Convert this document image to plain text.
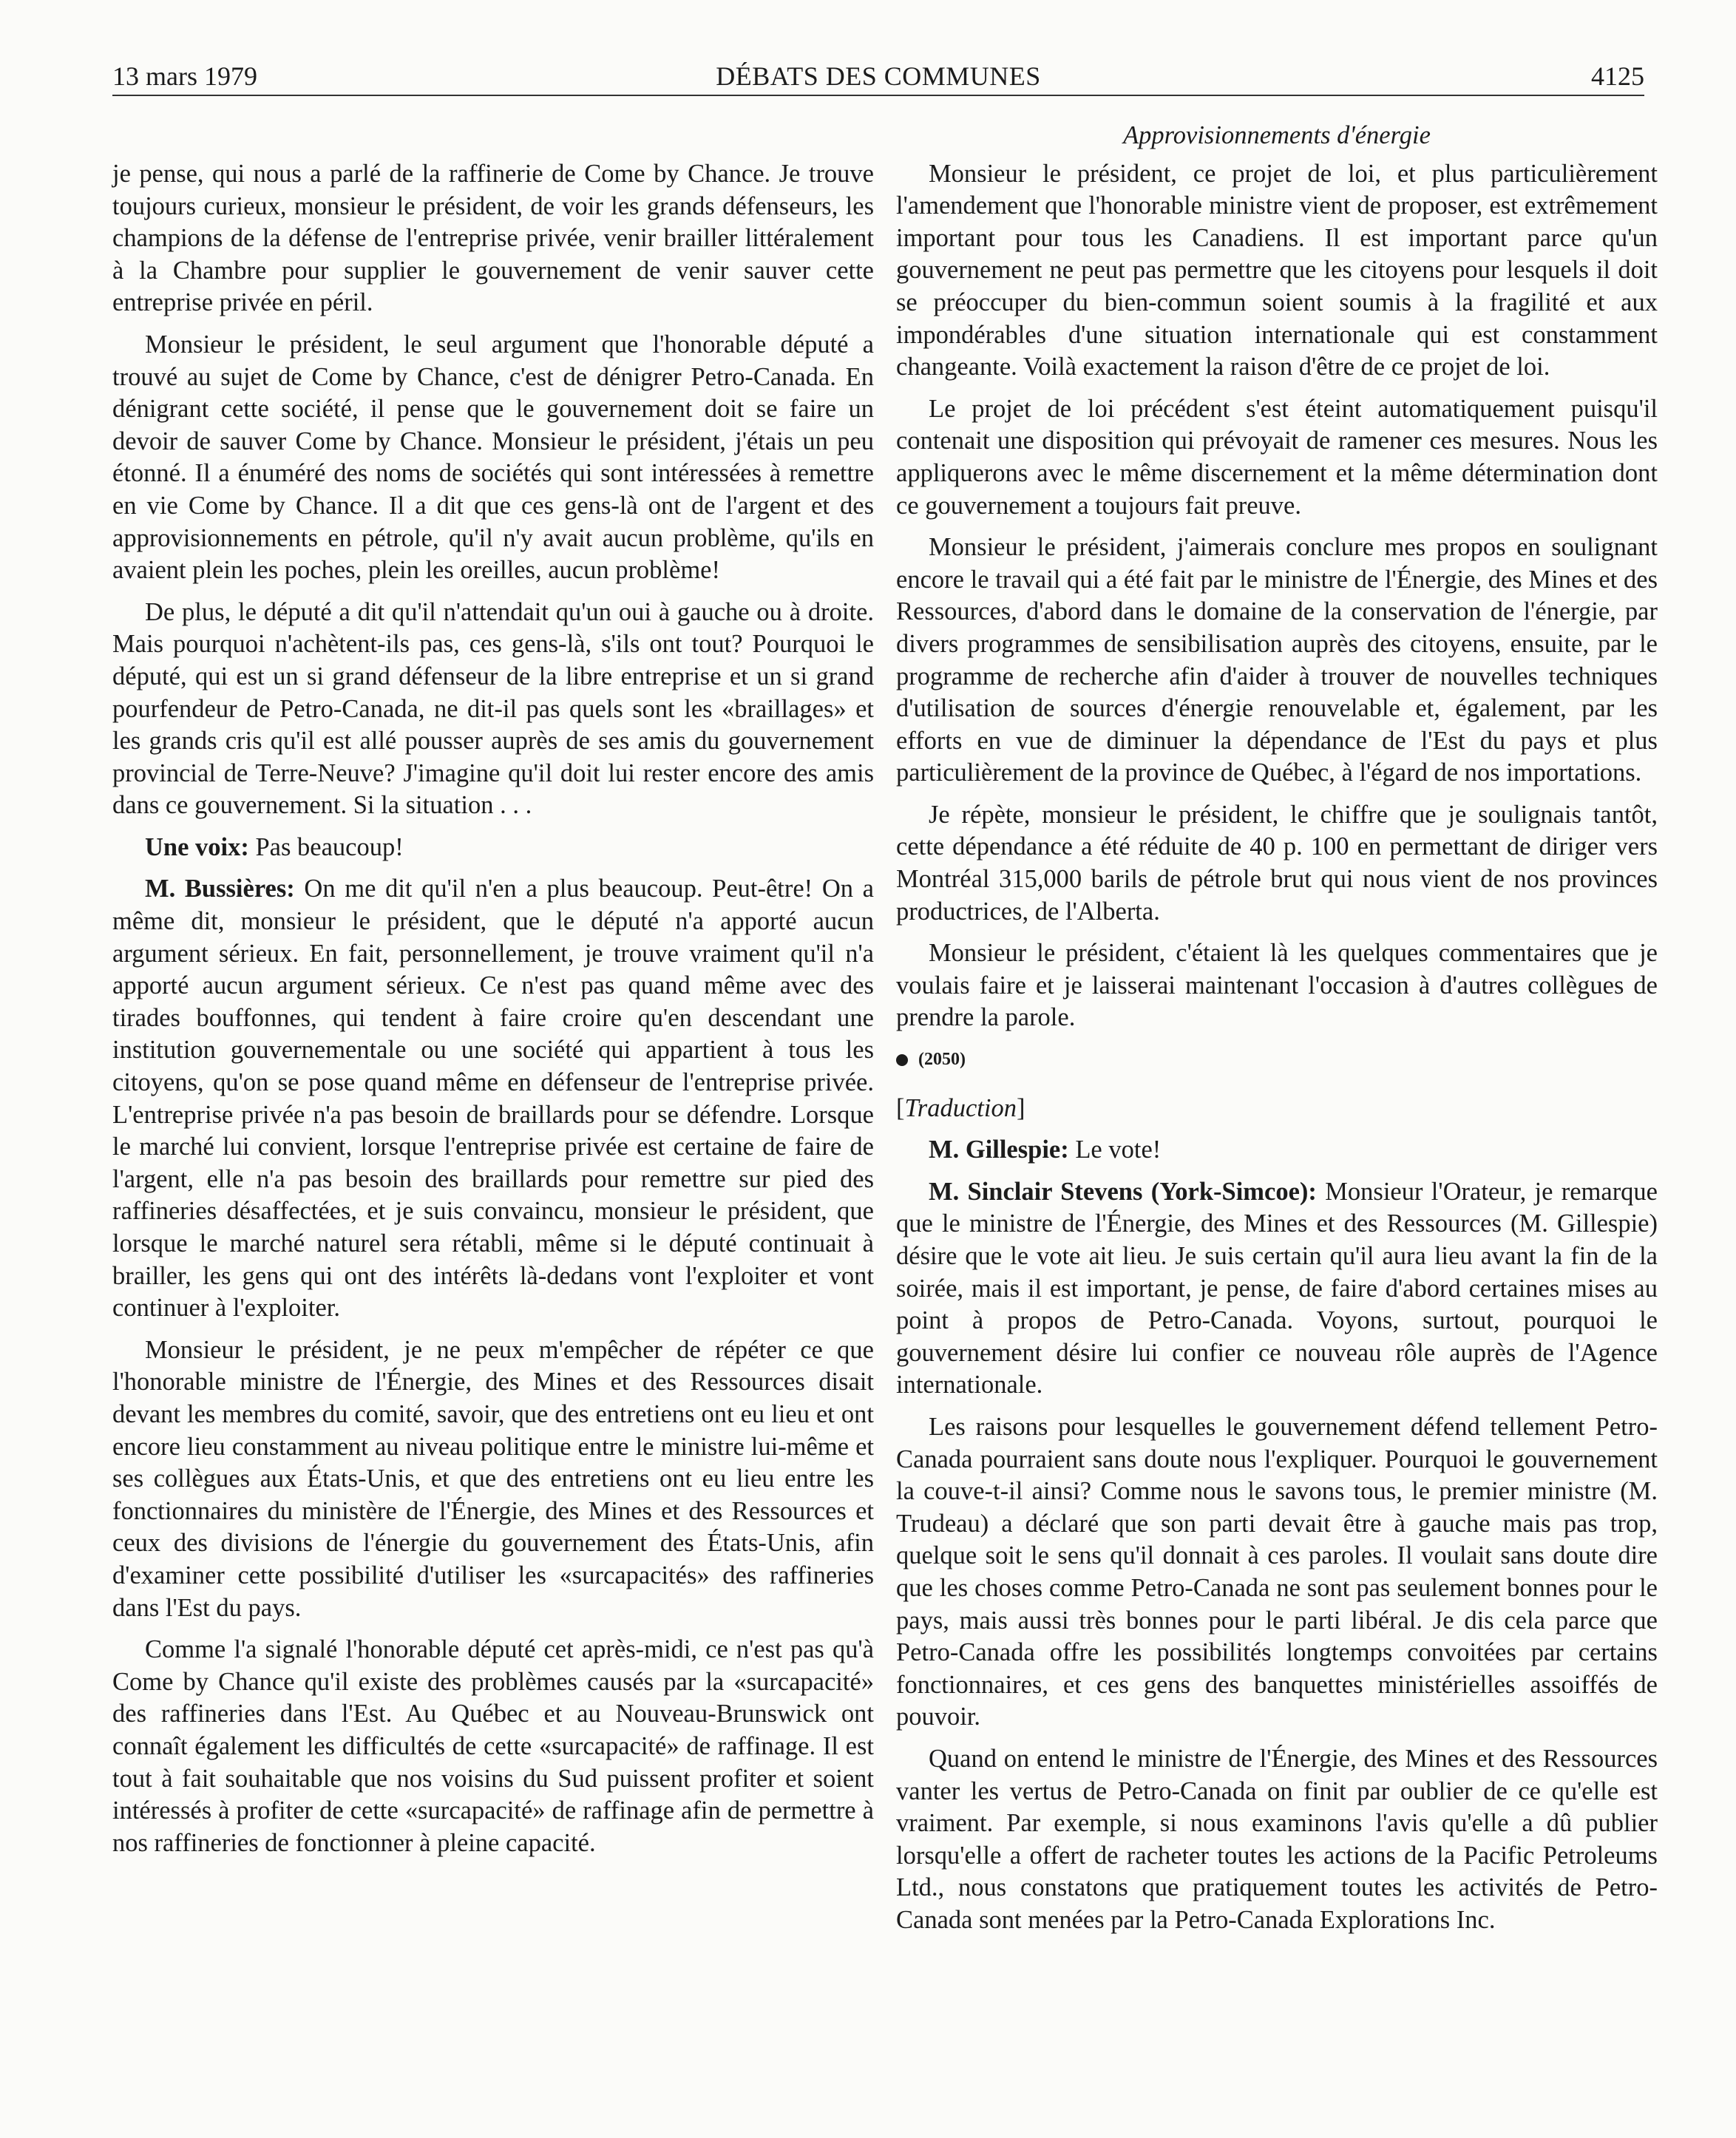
13 mars 1979	DÉBATS DES COMMUNES	4125

je pense, qui nous a parlé de la raffinerie de Come by Chance. Je trouve toujours curieux, monsieur le président, de voir les grands défenseurs, les champions de la défense de l'entreprise privée, venir brailler littéralement à la Chambre pour supplier le gouvernement de venir sauver cette entreprise privée en péril.

Monsieur le président, le seul argument que l'honorable député a trouvé au sujet de Come by Chance, c'est de dénigrer Petro-Canada. En dénigrant cette société, il pense que le gouvernement doit se faire un devoir de sauver Come by Chance. Monsieur le président, j'étais un peu étonné. Il a énuméré des noms de sociétés qui sont intéressées à remettre en vie Come by Chance. Il a dit que ces gens-là ont de l'argent et des approvisionnements en pétrole, qu'il n'y avait aucun problème, qu'ils en avaient plein les poches, plein les oreilles, aucun problème!

De plus, le député a dit qu'il n'attendait qu'un oui à gauche ou à droite. Mais pourquoi n'achètent-ils pas, ces gens-là, s'ils ont tout? Pourquoi le député, qui est un si grand défenseur de la libre entreprise et un si grand pourfendeur de Petro-Canada, ne dit-il pas quels sont les «braillages» et les grands cris qu'il est allé pousser auprès de ses amis du gouvernement provincial de Terre-Neuve? J'imagine qu'il doit lui rester encore des amis dans ce gouvernement. Si la situation . . .

Une voix: Pas beaucoup!

M. Bussières: On me dit qu'il n'en a plus beaucoup. Peut-être! On a même dit, monsieur le président, que le député n'a apporté aucun argument sérieux. En fait, personnellement, je trouve vraiment qu'il n'a apporté aucun argument sérieux. Ce n'est pas quand même avec des tirades bouffonnes, qui tendent à faire croire qu'en descendant une institution gouvernementale ou une société qui appartient à tous les citoyens, qu'on se pose quand même en défenseur de l'entreprise privée. L'entreprise privée n'a pas besoin de braillards pour se défendre. Lorsque le marché lui convient, lorsque l'entreprise privée est certaine de faire de l'argent, elle n'a pas besoin des braillards pour remettre sur pied des raffineries désaffectées, et je suis convaincu, monsieur le président, que lorsque le marché naturel sera rétabli, même si le député continuait à brailler, les gens qui ont des intérêts là-dedans vont l'exploiter et vont continuer à l'exploiter.

Monsieur le président, je ne peux m'empêcher de répéter ce que l'honorable ministre de l'Énergie, des Mines et des Ressources disait devant les membres du comité, savoir, que des entretiens ont eu lieu et ont encore lieu constamment au niveau politique entre le ministre lui-même et ses collègues aux États-Unis, et que des entretiens ont eu lieu entre les fonctionnaires du ministère de l'Énergie, des Mines et des Ressources et ceux des divisions de l'énergie du gouvernement des États-Unis, afin d'examiner cette possibilité d'utiliser les «surcapacités» des raffineries dans l'Est du pays.

Comme l'a signalé l'honorable député cet après-midi, ce n'est pas qu'à Come by Chance qu'il existe des problèmes causés par la «surcapacité» des raffineries dans l'Est. Au Québec et au Nouveau-Brunswick ont connaît également les difficultés de cette «surcapacité» de raffinage. Il est tout à fait souhaitable que nos voisins du Sud puissent profiter et soient intéressés à profiter de cette «surcapacité» de raffinage afin de permettre à nos raffineries de fonctionner à pleine capacité.

Approvisionnements d'énergie

Monsieur le président, ce projet de loi, et plus particulièrement l'amendement que l'honorable ministre vient de proposer, est extrêmement important pour tous les Canadiens. Il est important parce qu'un gouvernement ne peut pas permettre que les citoyens pour lesquels il doit se préoccuper du bien-commun soient soumis à la fragilité et aux impondérables d'une situation internationale qui est constamment changeante. Voilà exactement la raison d'être de ce projet de loi.

Le projet de loi précédent s'est éteint automatiquement puisqu'il contenait une disposition qui prévoyait de ramener ces mesures. Nous les appliquerons avec le même discernement et la même détermination dont ce gouvernement a toujours fait preuve.

Monsieur le président, j'aimerais conclure mes propos en soulignant encore le travail qui a été fait par le ministre de l'Énergie, des Mines et des Ressources, d'abord dans le domaine de la conservation de l'énergie, par divers programmes de sensibilisation auprès des citoyens, ensuite, par le programme de recherche afin d'aider à trouver de nouvelles techniques d'utilisation de sources d'énergie renouvelable et, également, par les efforts en vue de diminuer la dépendance de l'Est du pays et plus particulièrement de la province de Québec, à l'égard de nos importations.

Je répète, monsieur le président, le chiffre que je soulignais tantôt, cette dépendance a été réduite de 40 p. 100 en permettant de diriger vers Montréal 315,000 barils de pétrole brut qui nous vient de nos provinces productrices, de l'Alberta.

Monsieur le président, c'étaient là les quelques commentaires que je voulais faire et je laisserai maintenant l'occasion à d'autres collègues de prendre la parole.

(2050)
[Traduction]

M. Gillespie: Le vote!

M. Sinclair Stevens (York-Simcoe): Monsieur l'Orateur, je remarque que le ministre de l'Énergie, des Mines et des Ressources (M. Gillespie) désire que le vote ait lieu. Je suis certain qu'il aura lieu avant la fin de la soirée, mais il est important, je pense, de faire d'abord certaines mises au point à propos de Petro-Canada. Voyons, surtout, pourquoi le gouvernement désire lui confier ce nouveau rôle auprès de l'Agence internationale.

Les raisons pour lesquelles le gouvernement défend tellement Petro-Canada pourraient sans doute nous l'expliquer. Pourquoi le gouvernement la couve-t-il ainsi? Comme nous le savons tous, le premier ministre (M. Trudeau) a déclaré que son parti devait être à gauche mais pas trop, quelque soit le sens qu'il donnait à ces paroles. Il voulait sans doute dire que les choses comme Petro-Canada ne sont pas seulement bonnes pour le pays, mais aussi très bonnes pour le parti libéral. Je dis cela parce que Petro-Canada offre les possibilités longtemps convoitées par certains fonctionnaires, et ces gens des banquettes ministérielles assoiffés de pouvoir.

Quand on entend le ministre de l'Énergie, des Mines et des Ressources vanter les vertus de Petro-Canada on finit par oublier de ce qu'elle est vraiment. Par exemple, si nous examinons l'avis qu'elle a dû publier lorsqu'elle a offert de racheter toutes les actions de la Pacific Petroleums Ltd., nous constatons que pratiquement toutes les activités de Petro-Canada sont menées par la Petro-Canada Explorations Inc.
